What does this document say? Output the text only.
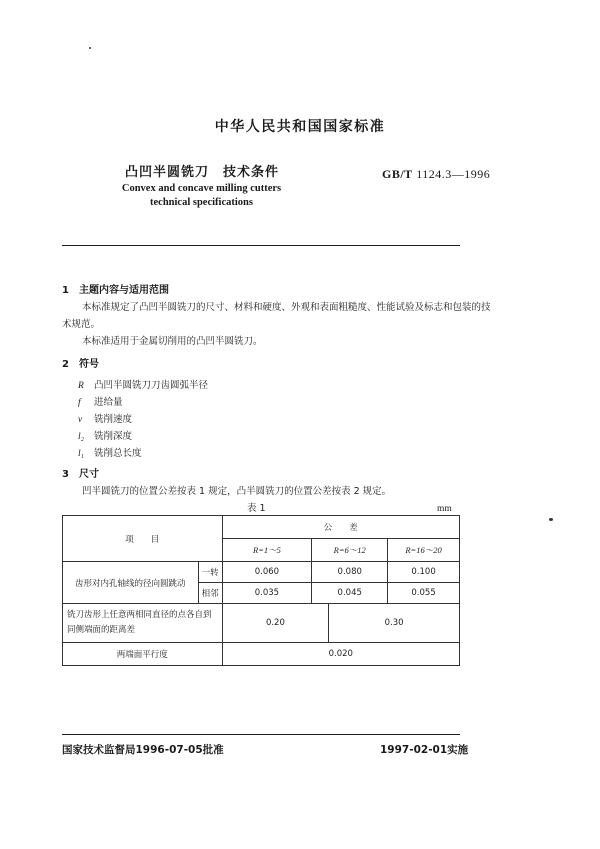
中华人民共和国国家标准
凸凹半圆铣刀　技术条件	GB/T 1124.3—1996
Convex and concave milling cutters
technical specifications
1　主题内容与适用范围
本标准规定了凸凹半圆铣刀的尺寸、材料和硬度、外观和表面粗糙度、性能试验及标志和包装的技
术规范。
本标准适用于金属切削用的凸凹半圆铣刀。
2　符号
R 凸凹半圆铣刀刀齿圆弧半径
f 进给量
v 铣削速度
l₂ 铣削深度
l₁ 铣削总长度
3　尺寸
凹半圆铣刀的位置公差按表 1 规定，凸半圆铣刀的位置公差按表 2 规定。
表 1	mm
项　　目		公　　差			
		R=1～5	R=6～12		R=16～20
齿形对内孔轴线的径向圆跳动	一转	0.060	0.080		0.100
	相邻	0.035	0.045		0.055

铣刀齿形上任意两相同直径的点各自到
同侧端面的距离差		0.20		0.30	
两端面平行度		0.020			
国家技术监督局1996-07-05批准	1997-02-01实施
